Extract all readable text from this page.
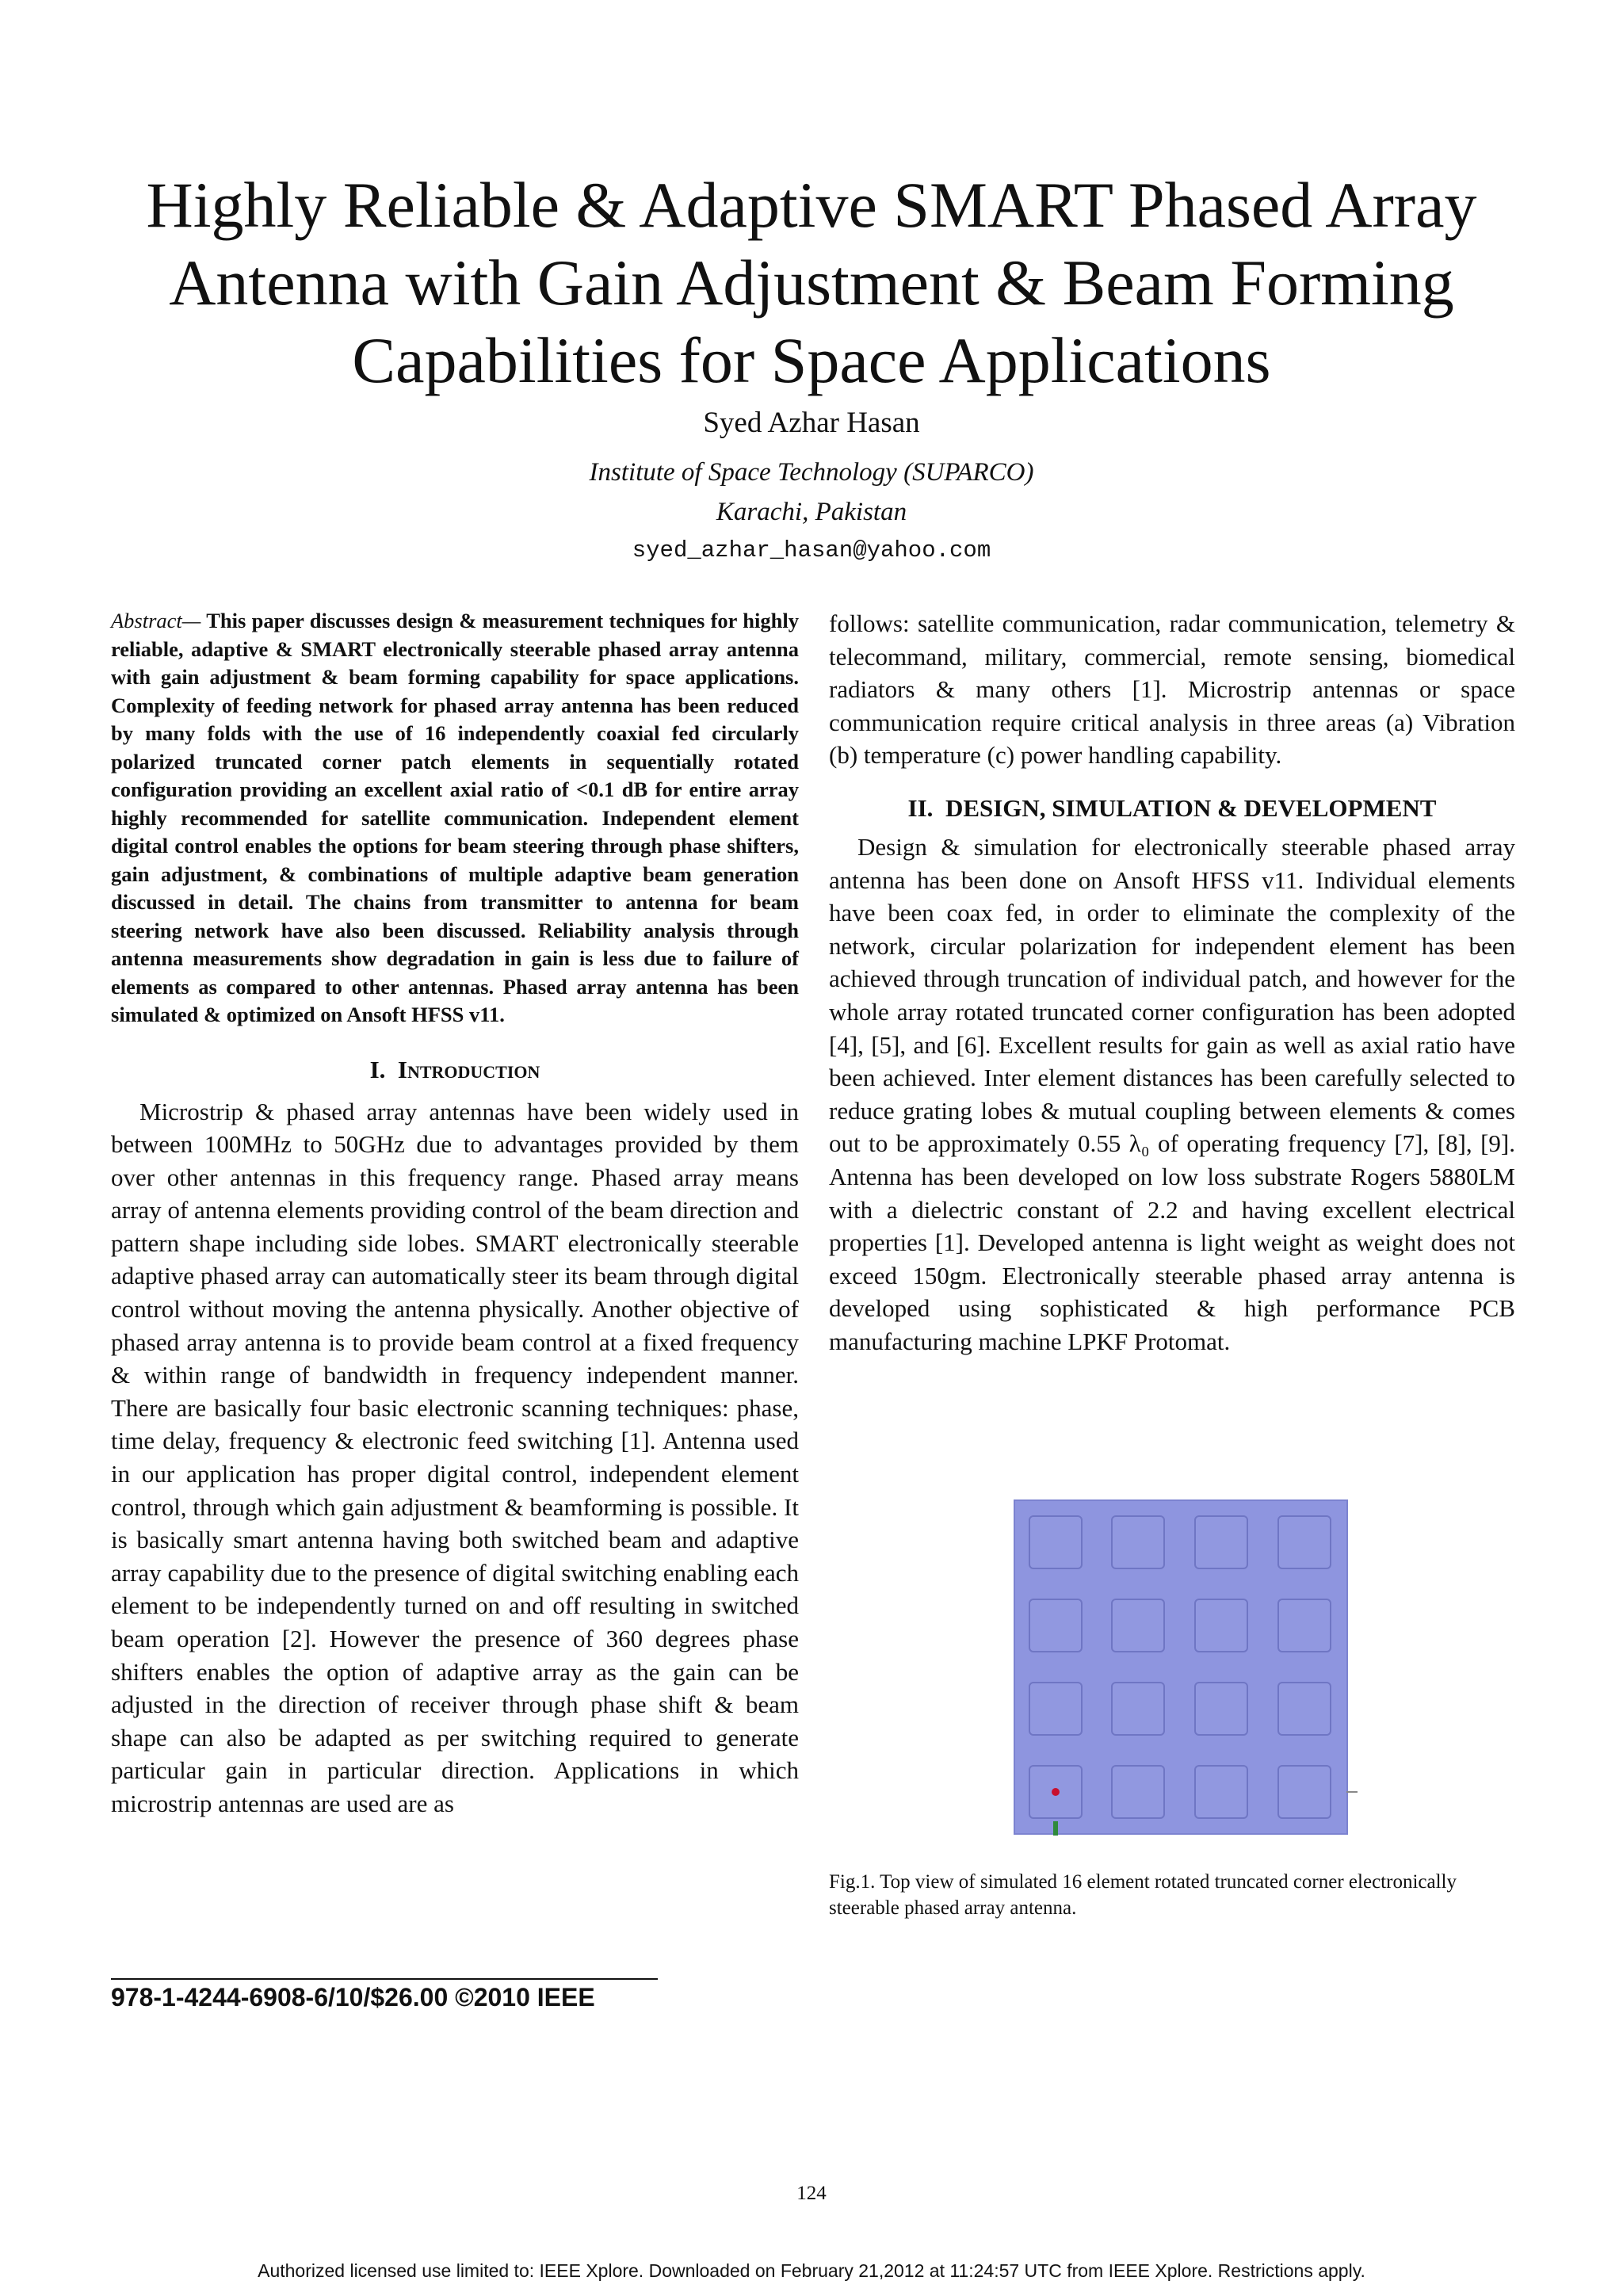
Highly Reliable & Adaptive SMART Phased Array
Antenna with Gain Adjustment & Beam Forming
Capabilities for Space Applications
Syed Azhar Hasan
Institute of Space Technology (SUPARCO)
Karachi, Pakistan
syed_azhar_hasan@yahoo.com

Abstract— This paper discusses design & measurement techniques for highly reliable, adaptive & SMART electronically steerable phased array antenna with gain adjustment & beam forming capability for space applications. Complexity of feeding network for phased array antenna has been reduced by many folds with the use of 16 independently coaxial fed circularly polarized truncated corner patch elements in sequentially rotated configuration providing an excellent axial ratio of <0.1 dB for entire array highly recommended for satellite communication. Independent element digital control enables the options for beam steering through phase shifters, gain adjustment, & combinations of multiple adaptive beam generation discussed in detail. The chains from transmitter to antenna for beam steering network have also been discussed. Reliability analysis through antenna measurements show degradation in gain is less due to failure of elements as compared to other antennas. Phased array antenna has been simulated & optimized on Ansoft HFSS v11.

I. Introduction

Microstrip & phased array antennas have been widely used in between 100MHz to 50GHz due to advantages provided by them over other antennas in this frequency range. Phased array means array of antenna elements providing control of the beam direction and pattern shape including side lobes. SMART electronically steerable adaptive phased array can automatically steer its beam through digital control without moving the antenna physically. Another objective of phased array antenna is to provide beam control at a fixed frequency & within range of bandwidth in frequency independent manner. There are basically four basic electronic scanning techniques: phase, time delay, frequency & electronic feed switching [1]. Antenna used in our application has proper digital control, independent element control, through which gain adjustment & beamforming is possible. It is basically smart antenna having both switched beam and adaptive array capability due to the presence of digital switching enabling each element to be independently turned on and off resulting in switched beam operation [2]. However the presence of 360 degrees phase shifters enables the option of adaptive array as the gain can be adjusted in the direction of receiver through phase shift & beam shape can also be adapted as per switching required to generate particular gain in particular direction. Applications in which microstrip antennas are used are as

follows: satellite communication, radar communication, telemetry & telecommand, military, commercial, remote sensing, biomedical radiators & many others [1]. Microstrip antennas or space communication require critical analysis in three areas (a) Vibration (b) temperature (c) power handling capability.

II. DESIGN, SIMULATION & DEVELOPMENT

Design & simulation for electronically steerable phased array antenna has been done on Ansoft HFSS v11. Individual elements have been coax fed, in order to eliminate the complexity of the network, circular polarization for independent element has been achieved through truncation of individual patch, and however for the whole array rotated truncated corner configuration has been adopted [4], [5], and [6]. Excellent results for gain as well as axial ratio have been achieved. Inter element distances has been carefully selected to reduce grating lobes & mutual coupling between elements & comes out to be approximately 0.55 λ₀ of operating frequency [7], [8], [9]. Antenna has been developed on low loss substrate Rogers 5880LM with a dielectric constant of 2.2 and having excellent electrical properties [1]. Developed antenna is light weight as weight does not exceed 150gm. Electronically steerable phased array antenna is developed using sophisticated & high performance PCB manufacturing machine LPKF Protomat.

Fig.1. Top view of simulated 16 element rotated truncated corner electronically steerable phased array antenna.
978-1-4244-6908-6/10/$26.00 ©2010 IEEE
124
Authorized licensed use limited to: IEEE Xplore. Downloaded on February 21,2012 at 11:24:57 UTC from IEEE Xplore. Restrictions apply.
